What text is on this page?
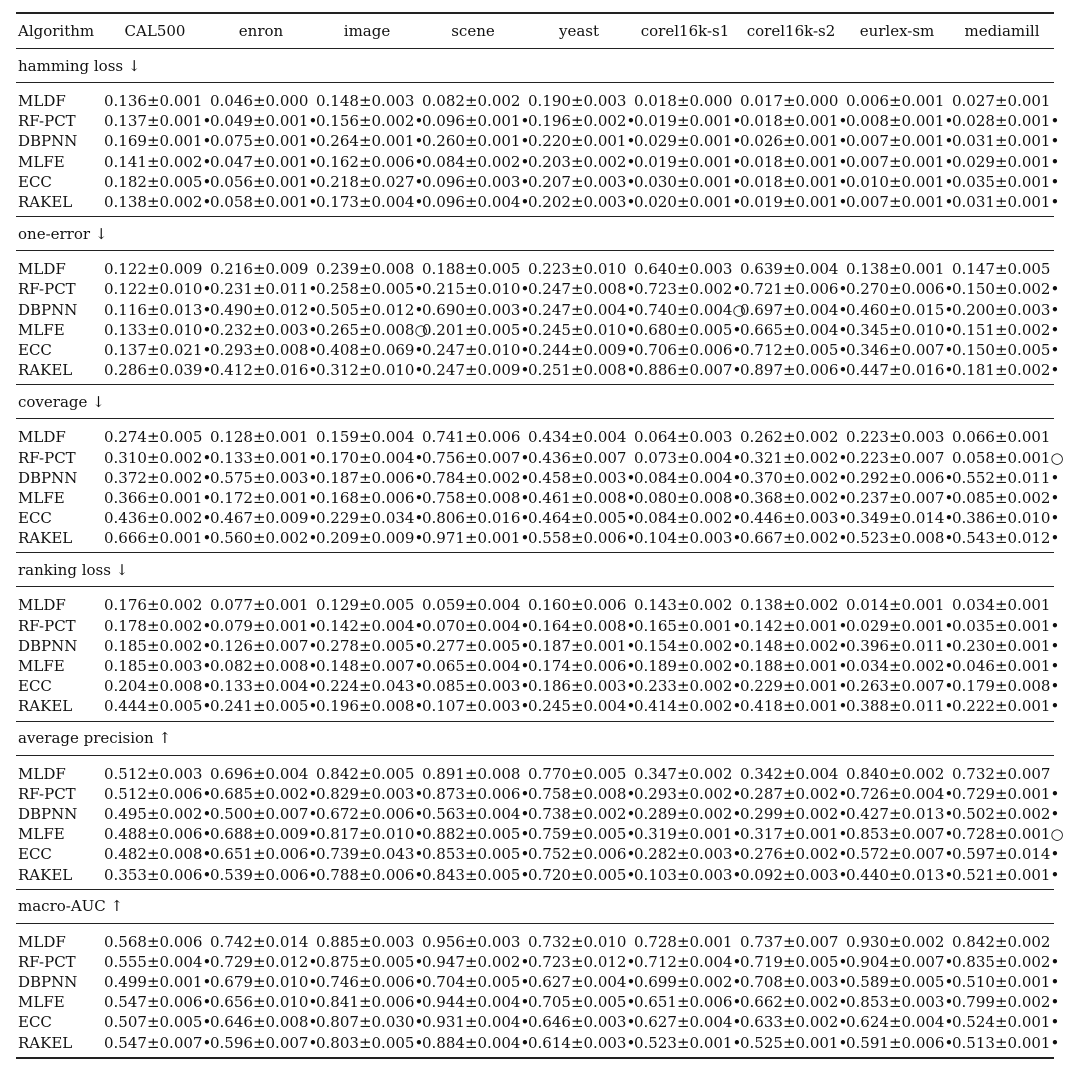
Algorithm	CAL500	enron	image	scene	yeast	corel16k-s1	corel16k-s2	eurlex-sm	mediamill
hamming loss ↓									
MLDF	0.136±0.001	0.046±0.000	0.148±0.003	0.082±0.002	0.190±0.003	0.018±0.000	0.017±0.000	0.006±0.001	0.027±0.001
RF-PCT	0.137±0.001•	0.049±0.001•	0.156±0.002•	0.096±0.001•	0.196±0.002•	0.019±0.001•	0.018±0.001•	0.008±0.001•	0.028±0.001•
DBPNN	0.169±0.001•	0.075±0.001•	0.264±0.001•	0.260±0.001•	0.220±0.001•	0.029±0.001•	0.026±0.001•	0.007±0.001•	0.031±0.001•
MLFE	0.141±0.002•	0.047±0.001•	0.162±0.006•	0.084±0.002•	0.203±0.002•	0.019±0.001•	0.018±0.001•	0.007±0.001•	0.029±0.001•
ECC	0.182±0.005•	0.056±0.001•	0.218±0.027•	0.096±0.003•	0.207±0.003•	0.030±0.001•	0.018±0.001•	0.010±0.001•	0.035±0.001•
RAKEL	0.138±0.002•	0.058±0.001•	0.173±0.004•	0.096±0.004•	0.202±0.003•	0.020±0.001•	0.019±0.001•	0.007±0.001•	0.031±0.001•
one-error ↓									
MLDF	0.122±0.009	0.216±0.009	0.239±0.008	0.188±0.005	0.223±0.010	0.640±0.003	0.639±0.004	0.138±0.001	0.147±0.005
RF-PCT	0.122±0.010•	0.231±0.011•	0.258±0.005•	0.215±0.010•	0.247±0.008•	0.723±0.002•	0.721±0.006•	0.270±0.006•	0.150±0.002•
DBPNN	0.116±0.013•	0.490±0.012•	0.505±0.012•	0.690±0.003•	0.247±0.004•	0.740±0.004○	0.697±0.004•	0.460±0.015•	0.200±0.003•
MLFE	0.133±0.010•	0.232±0.003•	0.265±0.008○	0.201±0.005•	0.245±0.010•	0.680±0.005•	0.665±0.004•	0.345±0.010•	0.151±0.002•
ECC	0.137±0.021•	0.293±0.008•	0.408±0.069•	0.247±0.010•	0.244±0.009•	0.706±0.006•	0.712±0.005•	0.346±0.007•	0.150±0.005•
RAKEL	0.286±0.039•	0.412±0.016•	0.312±0.010•	0.247±0.009•	0.251±0.008•	0.886±0.007•	0.897±0.006•	0.447±0.016•	0.181±0.002•
coverage ↓									
MLDF	0.274±0.005	0.128±0.001	0.159±0.004	0.741±0.006	0.434±0.004	0.064±0.003	0.262±0.002	0.223±0.003	0.066±0.001
RF-PCT	0.310±0.002•	0.133±0.001•	0.170±0.004•	0.756±0.007•	0.436±0.007	0.073±0.004•	0.321±0.002•	0.223±0.007	0.058±0.001○
DBPNN	0.372±0.002•	0.575±0.003•	0.187±0.006•	0.784±0.002•	0.458±0.003•	0.084±0.004•	0.370±0.002•	0.292±0.006•	0.552±0.011•
MLFE	0.366±0.001•	0.172±0.001•	0.168±0.006•	0.758±0.008•	0.461±0.008•	0.080±0.008•	0.368±0.002•	0.237±0.007•	0.085±0.002•
ECC	0.436±0.002•	0.467±0.009•	0.229±0.034•	0.806±0.016•	0.464±0.005•	0.084±0.002•	0.446±0.003•	0.349±0.014•	0.386±0.010•
RAKEL	0.666±0.001•	0.560±0.002•	0.209±0.009•	0.971±0.001•	0.558±0.006•	0.104±0.003•	0.667±0.002•	0.523±0.008•	0.543±0.012•
ranking loss ↓									
MLDF	0.176±0.002	0.077±0.001	0.129±0.005	0.059±0.004	0.160±0.006	0.143±0.002	0.138±0.002	0.014±0.001	0.034±0.001
RF-PCT	0.178±0.002•	0.079±0.001•	0.142±0.004•	0.070±0.004•	0.164±0.008•	0.165±0.001•	0.142±0.001•	0.029±0.001•	0.035±0.001•
DBPNN	0.185±0.002•	0.126±0.007•	0.278±0.005•	0.277±0.005•	0.187±0.001•	0.154±0.002•	0.148±0.002•	0.396±0.011•	0.230±0.001•
MLFE	0.185±0.003•	0.082±0.008•	0.148±0.007•	0.065±0.004•	0.174±0.006•	0.189±0.002•	0.188±0.001•	0.034±0.002•	0.046±0.001•
ECC	0.204±0.008•	0.133±0.004•	0.224±0.043•	0.085±0.003•	0.186±0.003•	0.233±0.002•	0.229±0.001•	0.263±0.007•	0.179±0.008•
RAKEL	0.444±0.005•	0.241±0.005•	0.196±0.008•	0.107±0.003•	0.245±0.004•	0.414±0.002•	0.418±0.001•	0.388±0.011•	0.222±0.001•
average precision ↑									
MLDF	0.512±0.003	0.696±0.004	0.842±0.005	0.891±0.008	0.770±0.005	0.347±0.002	0.342±0.004	0.840±0.002	0.732±0.007
RF-PCT	0.512±0.006•	0.685±0.002•	0.829±0.003•	0.873±0.006•	0.758±0.008•	0.293±0.002•	0.287±0.002•	0.726±0.004•	0.729±0.001•
DBPNN	0.495±0.002•	0.500±0.007•	0.672±0.006•	0.563±0.004•	0.738±0.002•	0.289±0.002•	0.299±0.002•	0.427±0.013•	0.502±0.002•
MLFE	0.488±0.006•	0.688±0.009•	0.817±0.010•	0.882±0.005•	0.759±0.005•	0.319±0.001•	0.317±0.001•	0.853±0.007•	0.728±0.001○
ECC	0.482±0.008•	0.651±0.006•	0.739±0.043•	0.853±0.005•	0.752±0.006•	0.282±0.003•	0.276±0.002•	0.572±0.007•	0.597±0.014•
RAKEL	0.353±0.006•	0.539±0.006•	0.788±0.006•	0.843±0.005•	0.720±0.005•	0.103±0.003•	0.092±0.003•	0.440±0.013•	0.521±0.001•
macro-AUC ↑									
MLDF	0.568±0.006	0.742±0.014	0.885±0.003	0.956±0.003	0.732±0.010	0.728±0.001	0.737±0.007	0.930±0.002	0.842±0.002
RF-PCT	0.555±0.004•	0.729±0.012•	0.875±0.005•	0.947±0.002•	0.723±0.012•	0.712±0.004•	0.719±0.005•	0.904±0.007•	0.835±0.002•
DBPNN	0.499±0.001•	0.679±0.010•	0.746±0.006•	0.704±0.005•	0.627±0.004•	0.699±0.002•	0.708±0.003•	0.589±0.005•	0.510±0.001•
MLFE	0.547±0.006•	0.656±0.010•	0.841±0.006•	0.944±0.004•	0.705±0.005•	0.651±0.006•	0.662±0.002•	0.853±0.003•	0.799±0.002•
ECC	0.507±0.005•	0.646±0.008•	0.807±0.030•	0.931±0.004•	0.646±0.003•	0.627±0.004•	0.633±0.002•	0.624±0.004•	0.524±0.001•
RAKEL	0.547±0.007•	0.596±0.007•	0.803±0.005•	0.884±0.004•	0.614±0.003•	0.523±0.001•	0.525±0.001•	0.591±0.006•	0.513±0.001•
